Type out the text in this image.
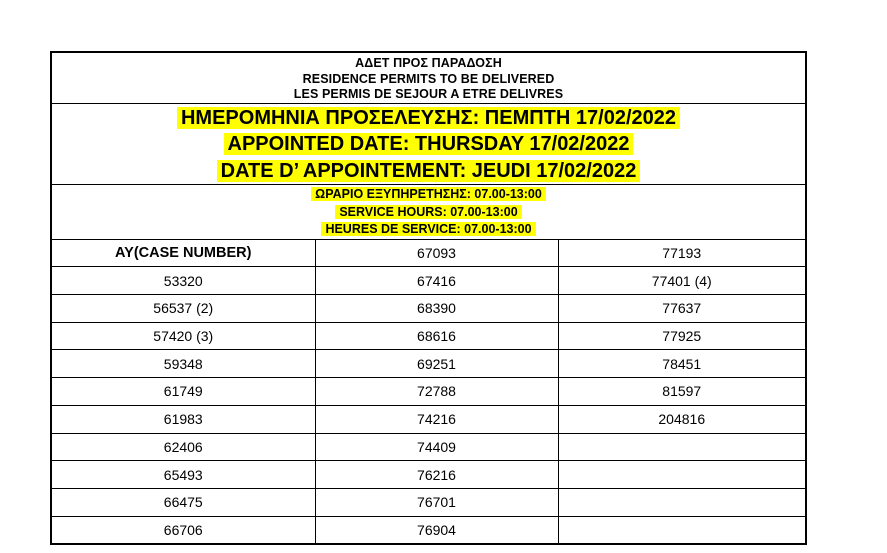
ΑΔΕΤ ΠΡΟΣ ΠΑΡΑΔΟΣΗ
RESIDENCE PERMITS TO BE DELIVERED
LES PERMIS DE SEJOUR A ETRE DELIVRES
ΗΜΕΡΟΜΗΝΙΑ ΠΡΟΣΕΛΕΥΣΗΣ: ΠΕΜΠΤΗ 17/02/2022
APPOINTED DATE: THURSDAY 17/02/2022
DATE D’ APPOINTEMENT: JEUDI 17/02/2022
ΩΡΑΡΙΟ ΕΞΥΠΗΡΕΤΗΣΗΣ: 07.00-13:00
SERVICE HOURS: 07.00-13:00
HEURES DE SERVICE: 07.00-13:00
AY(CASE NUMBER)	67093	77193
53320	67416	77401 (4)
56537 (2)	68390	77637
57420 (3)	68616	77925
59348	69251	78451
61749	72788	81597
61983	74216	204816
62406	74409	
65493	76216	
66475	76701	
66706	76904	
